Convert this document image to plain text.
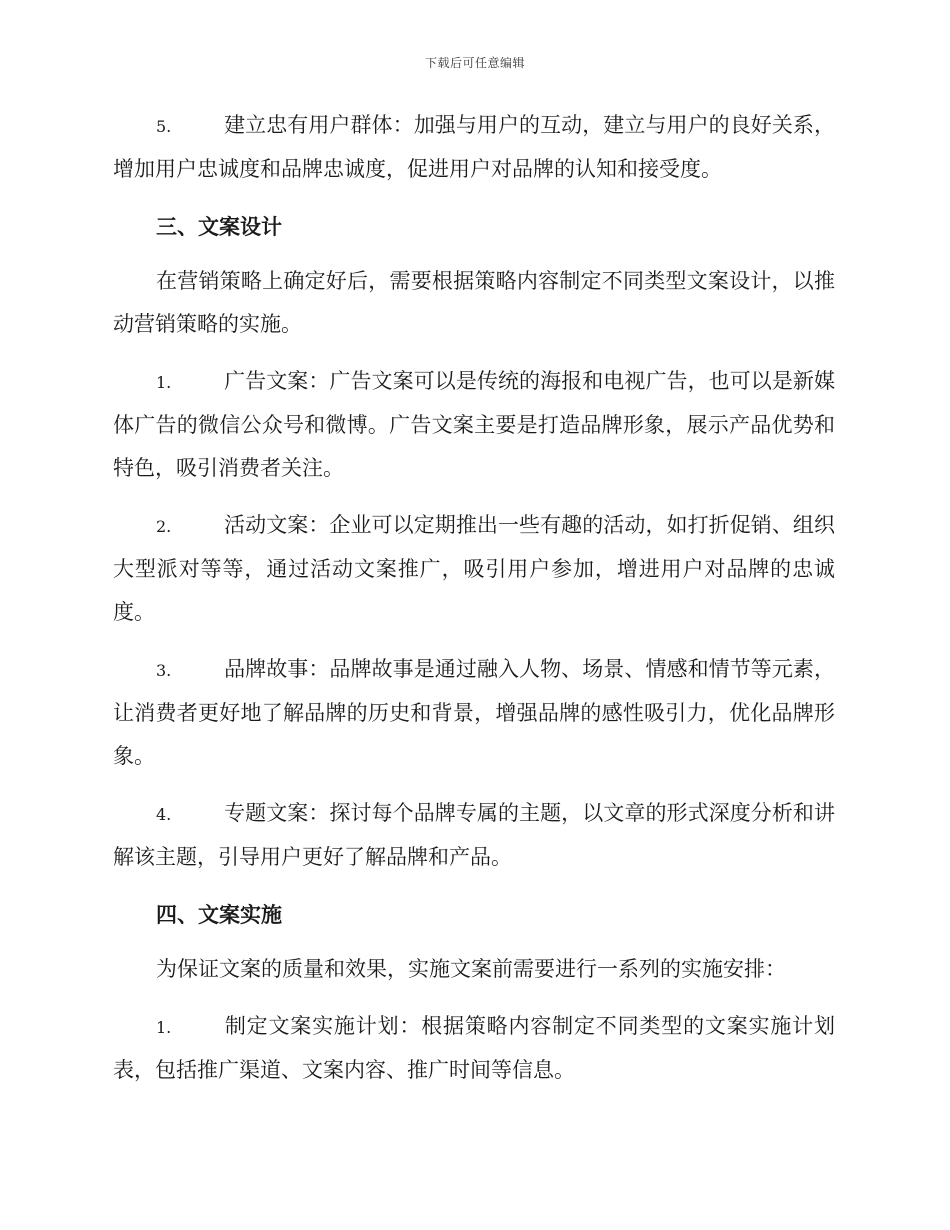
下载后可任意编辑

5.	建立忠有用户群体：加强与用户的互动，建立与用户的良好关系，增加用户忠诚度和品牌忠诚度，促进用户对品牌的认知和接受度。

三、文案设计

在营销策略上确定好后，需要根据策略内容制定不同类型文案设计，以推动营销策略的实施。

1.	广告文案：广告文案可以是传统的海报和电视广告，也可以是新媒体广告的微信公众号和微博。广告文案主要是打造品牌形象，展示产品优势和特色，吸引消费者关注。

2.	活动文案：企业可以定期推出一些有趣的活动，如打折促销、组织大型派对等等，通过活动文案推广，吸引用户参加，增进用户对品牌的忠诚度。

3.	品牌故事：品牌故事是通过融入人物、场景、情感和情节等元素，让消费者更好地了解品牌的历史和背景，增强品牌的感性吸引力，优化品牌形象。

4.	专题文案：探讨每个品牌专属的主题，以文章的形式深度分析和讲解该主题，引导用户更好了解品牌和产品。

四、文案实施

为保证文案的质量和效果，实施文案前需要进行一系列的实施安排：

1.	制定文案实施计划：根据策略内容制定不同类型的文案实施计划表，包括推广渠道、文案内容、推广时间等信息。
